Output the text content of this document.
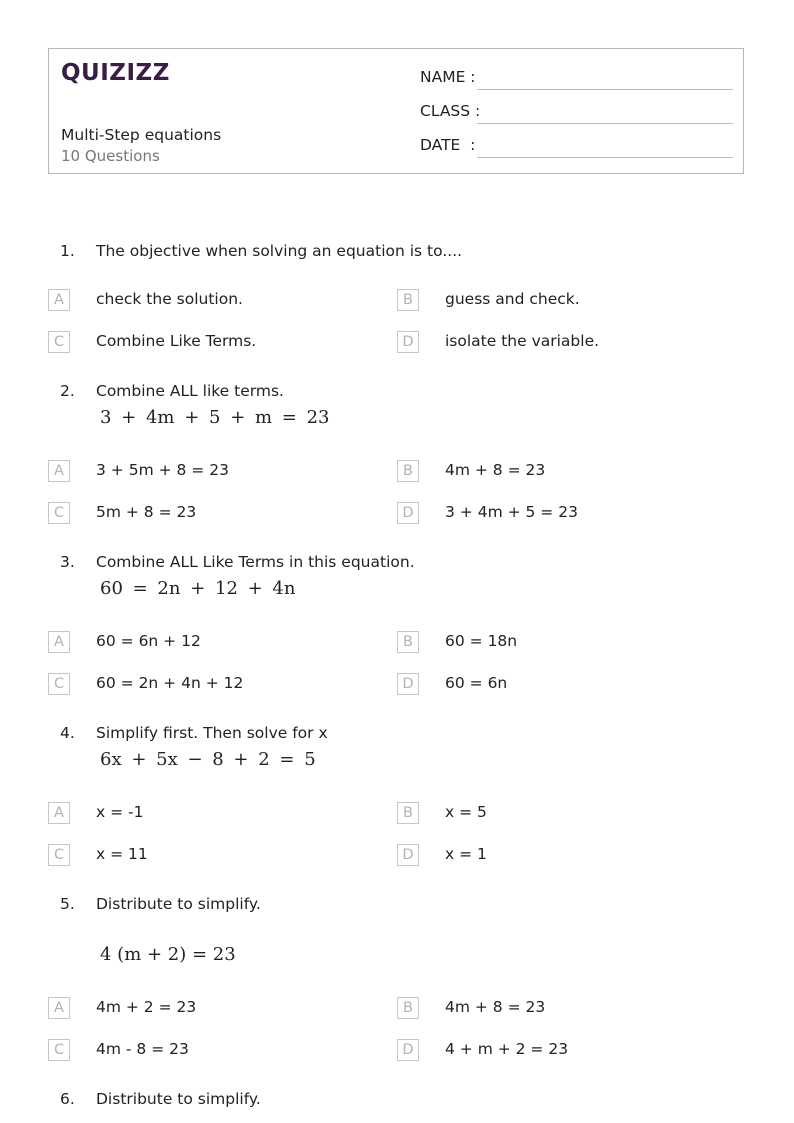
QUIZIZZ
Multi-Step equations
10 Questions
NAME :
CLASS :
DATE  :
1. The objective when solving an equation is to....
A	check the solution.	B	guess and check.
C	Combine Like Terms.	D	isolate the variable.
2. Combine ALL like terms.
3 + 4m + 5 + m = 23
A	3 + 5m + 8 = 23	B	4m + 8 = 23
C	5m + 8 = 23	D	3 + 4m + 5 = 23
3. Combine ALL Like Terms in this equation.
60 = 2n + 12 + 4n
A	60 = 6n + 12	B	60 = 18n
C	60 = 2n + 4n + 12	D	60 = 6n
4. Simplify first. Then solve for x
6x + 5x − 8 + 2 = 5
A	x = -1	B	x = 5
C	x = 11	D	x = 1
5. Distribute to simplify.
4 (m + 2) = 23
A	4m + 2 = 23	B	4m + 8 = 23
C	4m - 8 = 23	D	4 + m + 2 = 23
6. Distribute to simplify.
